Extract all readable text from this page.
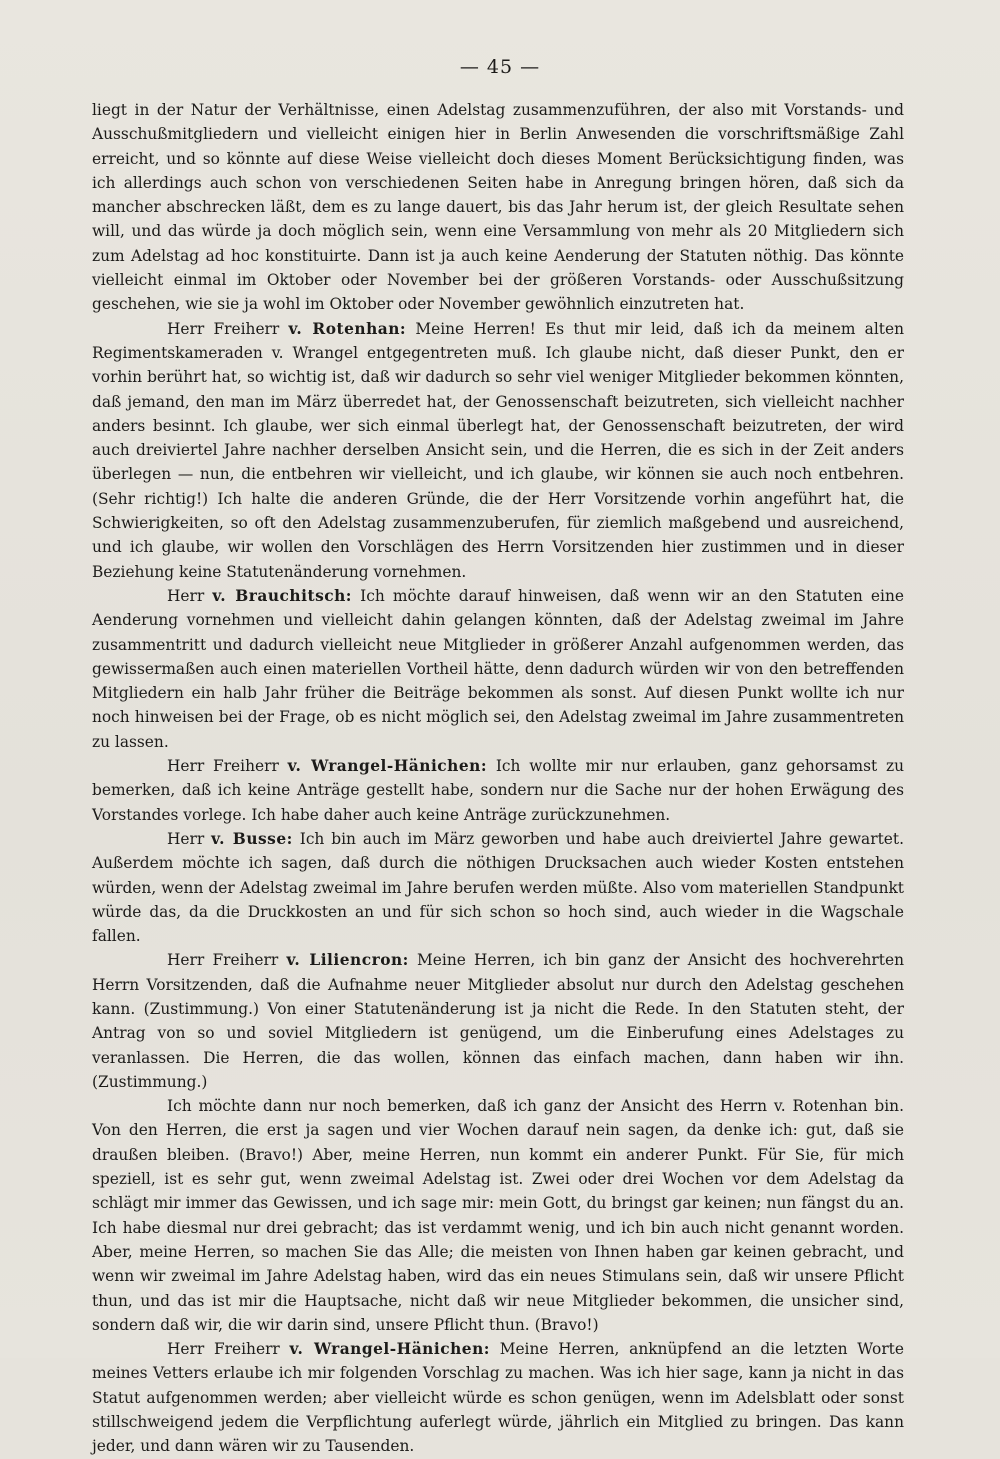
— 45 —

liegt in der Natur der Verhältnisse, einen Adelstag zusammenzuführen, der also mit Vorstands- und Ausschußmitgliedern und vielleicht einigen hier in Berlin Anwesenden die vorschriftsmäßige Zahl erreicht, und so könnte auf diese Weise vielleicht doch dieses Moment Berücksichtigung finden, was ich allerdings auch schon von verschiedenen Seiten habe in Anregung bringen hören, daß sich da mancher abschrecken läßt, dem es zu lange dauert, bis das Jahr herum ist, der gleich Resultate sehen will, und das würde ja doch möglich sein, wenn eine Versammlung von mehr als 20 Mitgliedern sich zum Adelstag ad hoc konstituirte. Dann ist ja auch keine Aenderung der Statuten nöthig. Das könnte vielleicht einmal im Oktober oder November bei der größeren Vorstands- oder Ausschußsitzung geschehen, wie sie ja wohl im Oktober oder November gewöhnlich einzutreten hat.

Herr Freiherr v. Rotenhan: Meine Herren! Es thut mir leid, daß ich da meinem alten Regimentskameraden v. Wrangel entgegentreten muß. Ich glaube nicht, daß dieser Punkt, den er vorhin berührt hat, so wichtig ist, daß wir dadurch so sehr viel weniger Mitglieder bekommen könnten, daß jemand, den man im März überredet hat, der Genossenschaft beizutreten, sich vielleicht nachher anders besinnt. Ich glaube, wer sich einmal überlegt hat, der Genossenschaft beizutreten, der wird auch dreiviertel Jahre nachher derselben Ansicht sein, und die Herren, die es sich in der Zeit anders überlegen — nun, die entbehren wir vielleicht, und ich glaube, wir können sie auch noch entbehren. (Sehr richtig!) Ich halte die anderen Gründe, die der Herr Vorsitzende vorhin angeführt hat, die Schwierigkeiten, so oft den Adelstag zusammenzuberufen, für ziemlich maßgebend und ausreichend, und ich glaube, wir wollen den Vorschlägen des Herrn Vorsitzenden hier zustimmen und in dieser Beziehung keine Statutenänderung vornehmen.

Herr v. Brauchitsch: Ich möchte darauf hinweisen, daß wenn wir an den Statuten eine Aenderung vornehmen und vielleicht dahin gelangen könnten, daß der Adelstag zweimal im Jahre zusammentritt und dadurch vielleicht neue Mitglieder in größerer Anzahl aufgenommen werden, das gewissermaßen auch einen materiellen Vortheil hätte, denn dadurch würden wir von den betreffenden Mitgliedern ein halb Jahr früher die Beiträge bekommen als sonst. Auf diesen Punkt wollte ich nur noch hinweisen bei der Frage, ob es nicht möglich sei, den Adelstag zweimal im Jahre zusammentreten zu lassen.

Herr Freiherr v. Wrangel-Hänichen: Ich wollte mir nur erlauben, ganz gehorsamst zu bemerken, daß ich keine Anträge gestellt habe, sondern nur die Sache nur der hohen Erwägung des Vorstandes vorlege. Ich habe daher auch keine Anträge zurückzunehmen.

Herr v. Busse: Ich bin auch im März geworben und habe auch dreiviertel Jahre gewartet. Außerdem möchte ich sagen, daß durch die nöthigen Drucksachen auch wieder Kosten entstehen würden, wenn der Adelstag zweimal im Jahre berufen werden müßte. Also vom materiellen Standpunkt würde das, da die Druckkosten an und für sich schon so hoch sind, auch wieder in die Wagschale fallen.

Herr Freiherr v. Liliencron: Meine Herren, ich bin ganz der Ansicht des hochverehrten Herrn Vorsitzenden, daß die Aufnahme neuer Mitglieder absolut nur durch den Adelstag geschehen kann. (Zustimmung.) Von einer Statutenänderung ist ja nicht die Rede. In den Statuten steht, der Antrag von so und soviel Mitgliedern ist genügend, um die Einberufung eines Adelstages zu veranlassen. Die Herren, die das wollen, können das einfach machen, dann haben wir ihn. (Zustimmung.)

Ich möchte dann nur noch bemerken, daß ich ganz der Ansicht des Herrn v. Rotenhan bin. Von den Herren, die erst ja sagen und vier Wochen darauf nein sagen, da denke ich: gut, daß sie draußen bleiben. (Bravo!) Aber, meine Herren, nun kommt ein anderer Punkt. Für Sie, für mich speziell, ist es sehr gut, wenn zweimal Adelstag ist. Zwei oder drei Wochen vor dem Adelstag da schlägt mir immer das Gewissen, und ich sage mir: mein Gott, du bringst gar keinen; nun fängst du an. Ich habe diesmal nur drei gebracht; das ist verdammt wenig, und ich bin auch nicht genannt worden. Aber, meine Herren, so machen Sie das Alle; die meisten von Ihnen haben gar keinen gebracht, und wenn wir zweimal im Jahre Adelstag haben, wird das ein neues Stimulans sein, daß wir unsere Pflicht thun, und das ist mir die Hauptsache, nicht daß wir neue Mitglieder bekommen, die unsicher sind, sondern daß wir, die wir darin sind, unsere Pflicht thun. (Bravo!)

Herr Freiherr v. Wrangel-Hänichen: Meine Herren, anknüpfend an die letzten Worte meines Vetters erlaube ich mir folgenden Vorschlag zu machen. Was ich hier sage, kann ja nicht in das Statut aufgenommen werden; aber vielleicht würde es schon genügen, wenn im Adelsblatt oder sonst stillschweigend jedem die Verpflichtung auferlegt würde, jährlich ein Mitglied zu bringen. Das kann jeder, und dann wären wir zu Tausenden.
